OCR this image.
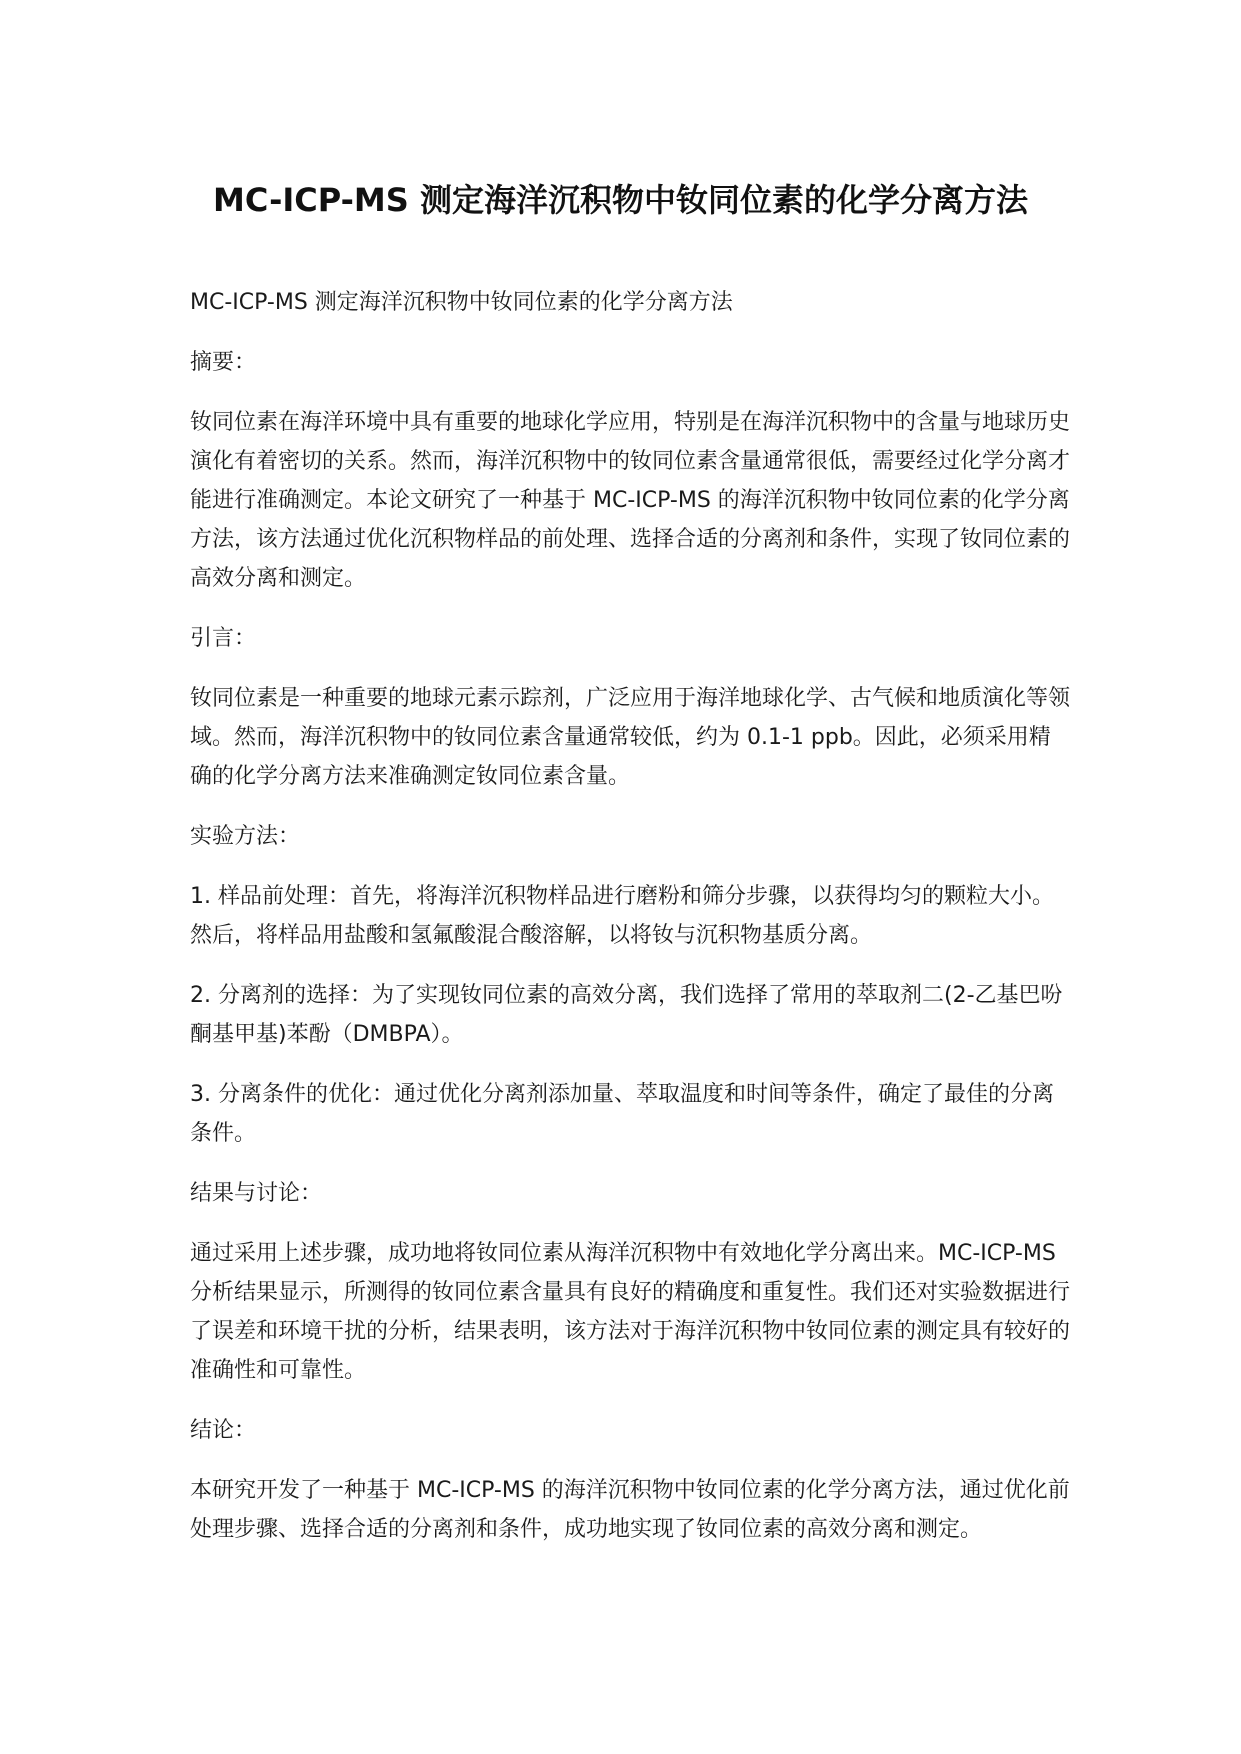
MC-ICP-MS 测定海洋沉积物中钕同位素的化学分离方法

MC-ICP-MS 测定海洋沉积物中钕同位素的化学分离方法

摘要：

钕同位素在海洋环境中具有重要的地球化学应用，特别是在海洋沉积物中的含量与地球历史演化有着密切的关系。然而，海洋沉积物中的钕同位素含量通常很低，需要经过化学分离才能进行准确测定。本论文研究了一种基于 MC-ICP-MS 的海洋沉积物中钕同位素的化学分离方法，该方法通过优化沉积物样品的前处理、选择合适的分离剂和条件，实现了钕同位素的高效分离和测定。

引言：

钕同位素是一种重要的地球元素示踪剂，广泛应用于海洋地球化学、古气候和地质演化等领域。然而，海洋沉积物中的钕同位素含量通常较低，约为 0.1-1 ppb。因此，必须采用精确的化学分离方法来准确测定钕同位素含量。

实验方法：

1. 样品前处理：首先，将海洋沉积物样品进行磨粉和筛分步骤，以获得均匀的颗粒大小。然后，将样品用盐酸和氢氟酸混合酸溶解，以将钕与沉积物基质分离。

2. 分离剂的选择：为了实现钕同位素的高效分离，我们选择了常用的萃取剂二(2-乙基巴吩酮基甲基)苯酚（DMBPA）。

3. 分离条件的优化：通过优化分离剂添加量、萃取温度和时间等条件，确定了最佳的分离条件。

结果与讨论：

通过采用上述步骤，成功地将钕同位素从海洋沉积物中有效地化学分离出来。MC-ICP-MS 分析结果显示，所测得的钕同位素含量具有良好的精确度和重复性。我们还对实验数据进行了误差和环境干扰的分析，结果表明，该方法对于海洋沉积物中钕同位素的测定具有较好的准确性和可靠性。

结论：

本研究开发了一种基于 MC-ICP-MS 的海洋沉积物中钕同位素的化学分离方法，通过优化前处理步骤、选择合适的分离剂和条件，成功地实现了钕同位素的高效分离和测定。
